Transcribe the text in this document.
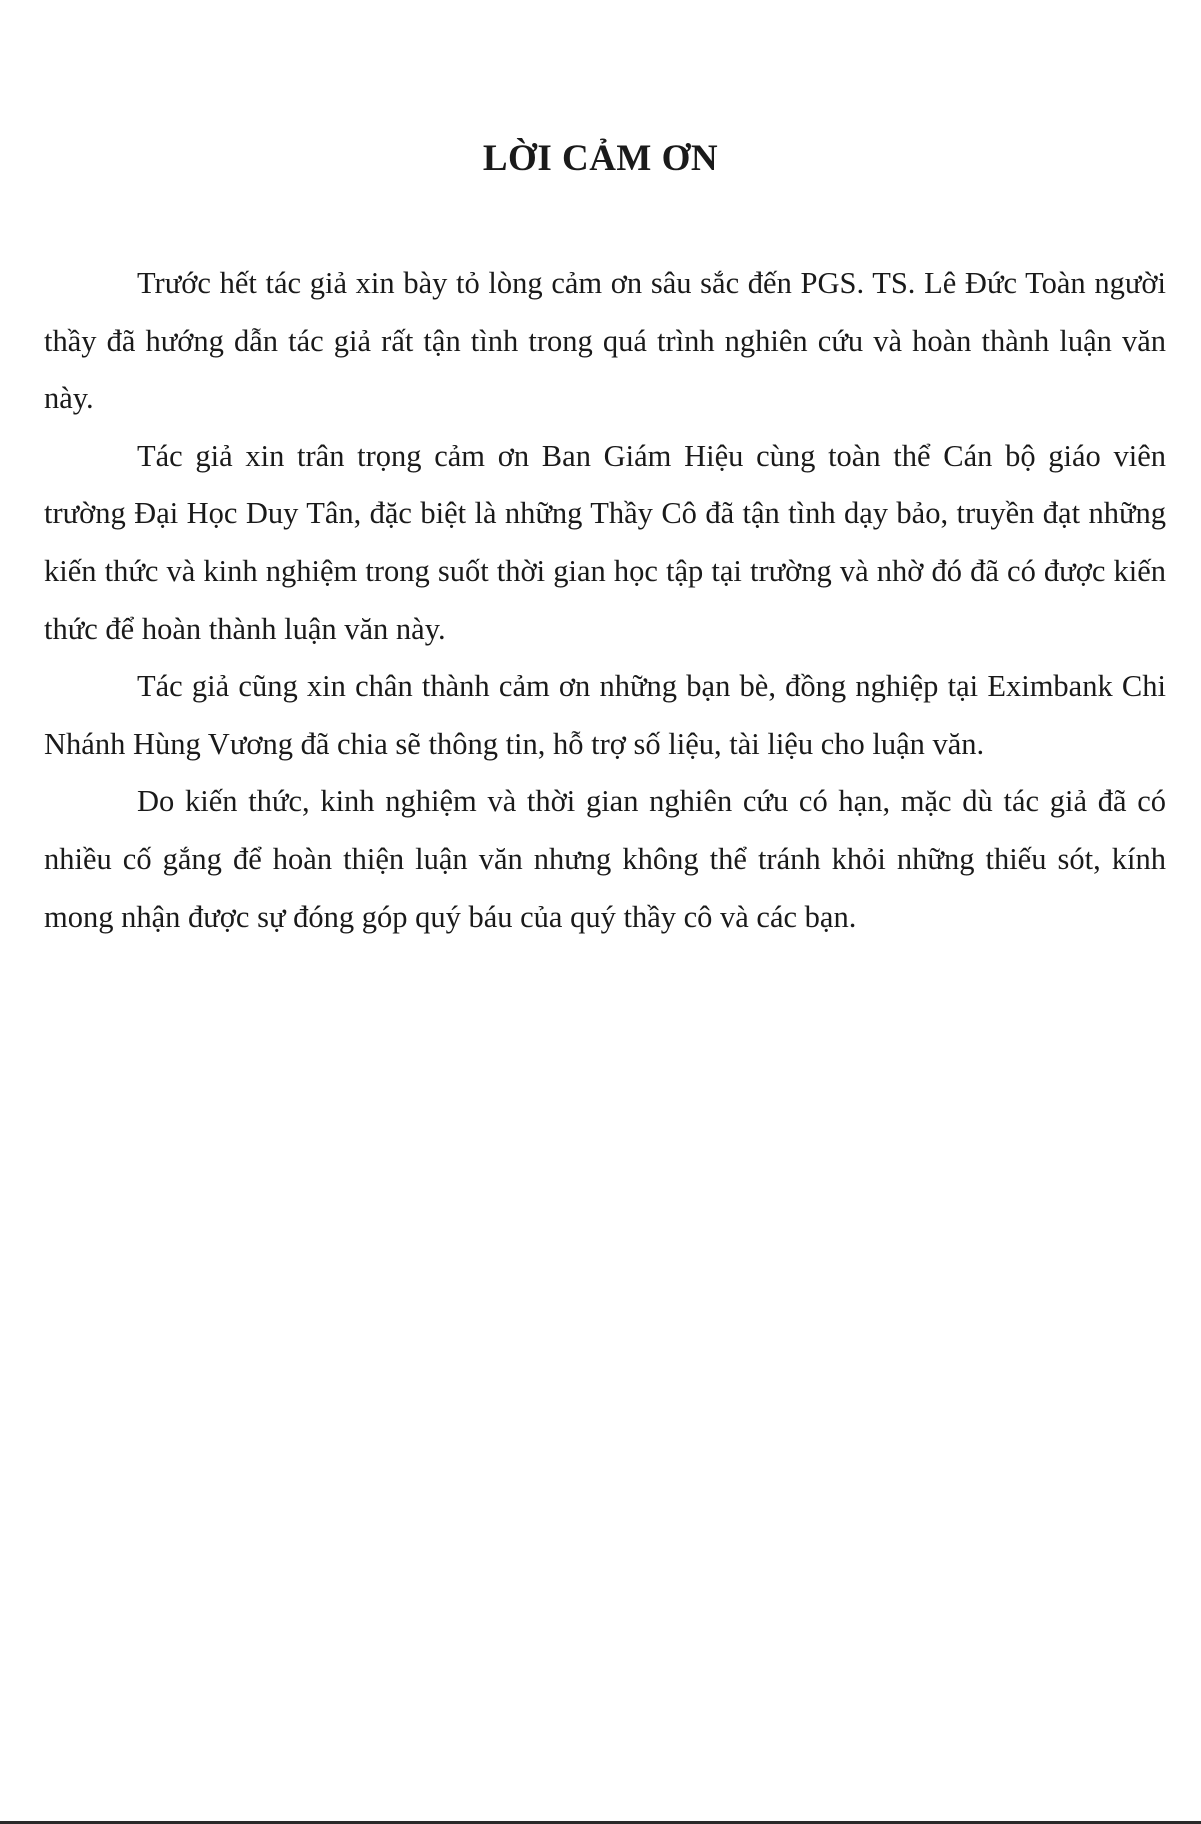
LỜI CẢM ƠN

Trước hết tác giả xin bày tỏ lòng cảm ơn sâu sắc đến PGS. TS. Lê Đức Toàn người thầy đã hướng dẫn tác giả rất tận tình trong quá trình nghiên cứu và hoàn thành luận văn này.

Tác giả xin trân trọng cảm ơn Ban Giám Hiệu cùng toàn thể Cán bộ giáo viên trường Đại Học Duy Tân, đặc biệt là những Thầy Cô đã tận tình dạy bảo, truyền đạt những kiến thức và kinh nghiệm trong suốt thời gian học tập tại trường và nhờ đó đã có được kiến thức để hoàn thành luận văn này.

Tác giả cũng xin chân thành cảm ơn những bạn bè, đồng nghiệp tại Eximbank Chi Nhánh Hùng Vương đã chia sẽ thông tin, hỗ trợ số liệu, tài liệu cho luận văn.

Do kiến thức, kinh nghiệm và thời gian nghiên cứu có hạn, mặc dù tác giả đã có nhiều cố gắng để hoàn thiện luận văn nhưng không thể tránh khỏi những thiếu sót, kính mong nhận được sự đóng góp quý báu của quý thầy cô và các bạn.
